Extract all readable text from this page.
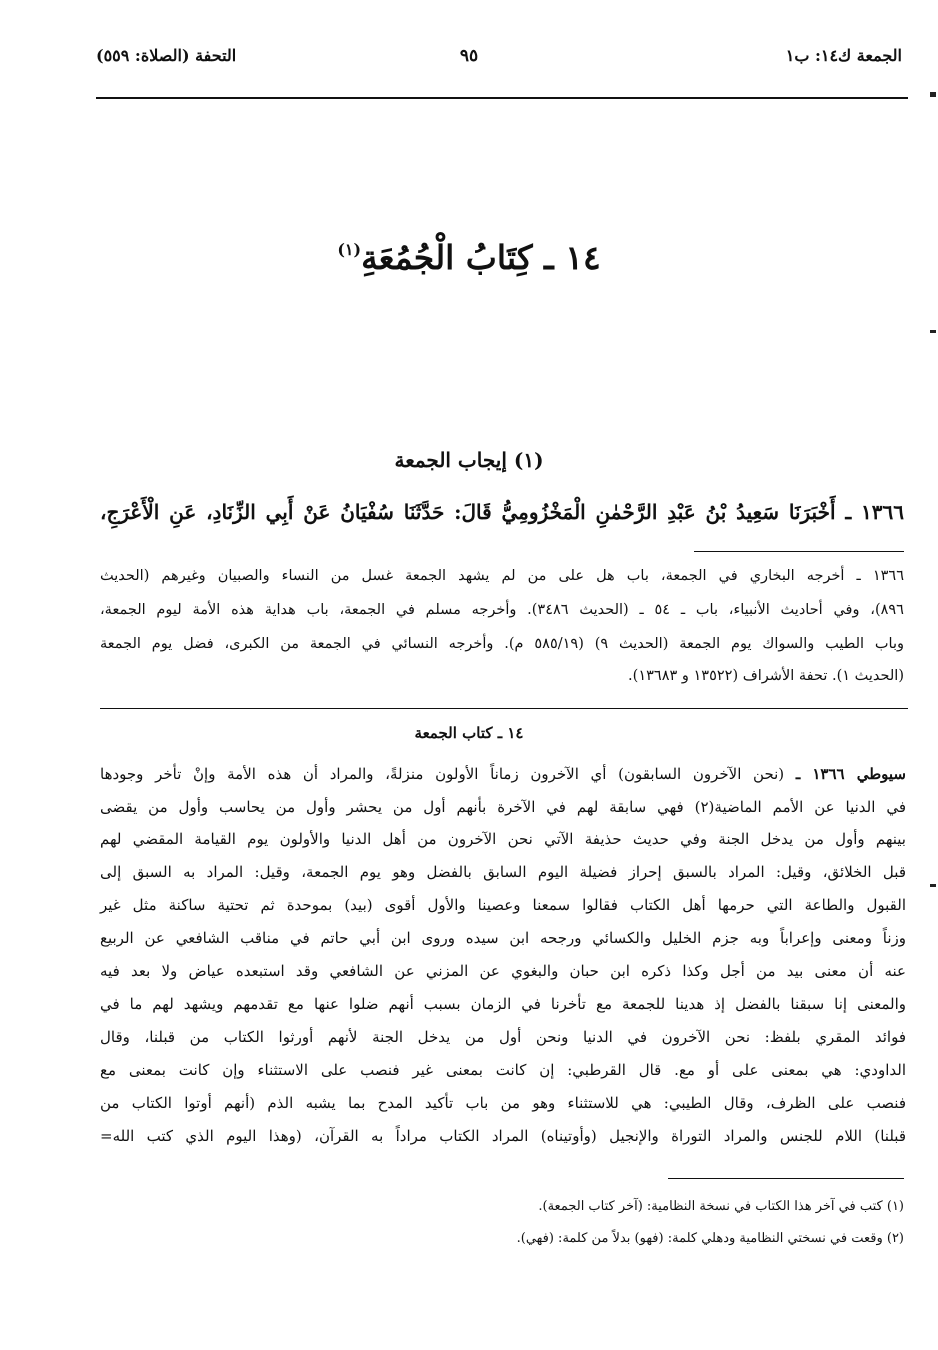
الجمعة ك١٤: ب١
٩٥
التحفة (الصلاة: ٥٥٩)
١٤ ـ كِتَابُ الْجُمُعَةِ$^{(١)}$
(١) إيجاب الجمعة
١٣٦٦ ـ أَخْبَرَنَا سَعِيدُ بْنُ عَبْدِ الرَّحْمٰنِ الْمَخْزُومِيُّ قَالَ: حَدَّثَنَا سُفْيَانُ عَنْ أَبِي الزِّنَادِ، عَنِ الْأَعْرَجِ،
١٣٦٦ ـ أخرجه البخاري في الجمعة، باب هل على من لم يشهد الجمعة غسل من النساء والصبيان وغيرهم (الحديث
٨٩٦)، وفي أحاديث الأنبياء، باب ـ ٥٤ ـ (الحديث ٣٤٨٦). وأخرجه مسلم في الجمعة، باب هداية هذه الأمة ليوم الجمعة،
وباب الطيب والسواك يوم الجمعة (الحديث ٩) (٥٨٥/١٩ م). وأخرجه النسائي في الجمعة من الكبرى، فضل يوم الجمعة
(الحديث ١). تحفة الأشراف (١٣٥٢٢ و ١٣٦٨٣).
١٤ ـ كتاب الجمعة
سيوطي ١٣٦٦ ـ (نحن الآخرون السابقون) أي الآخرون زماناً الأولون منزلةً، والمراد أن هذه الأمة وإنْ تأخر وجودها
في الدنيا عن الأمم الماضية(٢) فهي سابقة لهم في الآخرة بأنهم أول من يحشر وأول من يحاسب وأول من يقضى
بينهم وأول من يدخل الجنة وفي حديث حذيفة الآتي نحن الآخرون من أهل الدنيا والأولون يوم القيامة المقضي لهم
قبل الخلائق، وقيل: المراد بالسبق إحراز فضيلة اليوم السابق بالفضل وهو يوم الجمعة، وقيل: المراد به السبق إلى
القبول والطاعة التي حرمها أهل الكتاب فقالوا سمعنا وعصينا والأول أقوى (بيد) بموحدة ثم تحتية ساكنة مثل غير
وزناً ومعنى وإعراباً وبه جزم الخليل والكسائي ورجحه ابن سيده وروى ابن أبي حاتم في مناقب الشافعي عن الربيع
عنه أن معنى بيد من أجل وكذا ذكره ابن حبان والبغوي عن المزني عن الشافعي وقد استبعده عياض ولا بعد فيه
والمعنى إنا سبقنا بالفضل إذ هدينا للجمعة مع تأخرنا في الزمان بسبب أنهم ضلوا عنها مع تقدمهم ويشهد لهم ما في
فوائد المقري بلفظ: نحن الآخرون في الدنيا ونحن أول من يدخل الجنة لأنهم أورثوا الكتاب من قبلنا، وقال
الداودي: هي بمعنى على أو مع. قال القرطبي: إن كانت بمعنى غير فنصب على الاستثناء وإن كانت بمعنى مع
فنصب على الظرف، وقال الطيبي: هي للاستثناء وهو من باب تأكيد المدح بما يشبه الذم (أنهم أوتوا الكتاب من
قبلنا) اللام للجنس والمراد التوراة والإنجيل (وأوتيناه) المراد الكتاب مراداً به القرآن، (وهذا اليوم الذي كتب الله=
(١) كتب في آخر هذا الكتاب في نسخة النظامية: (آخر كتاب الجمعة).
(٢) وقعت في نسختي النظامية ودهلي كلمة: (فهو) بدلاً من كلمة: (فهي).
